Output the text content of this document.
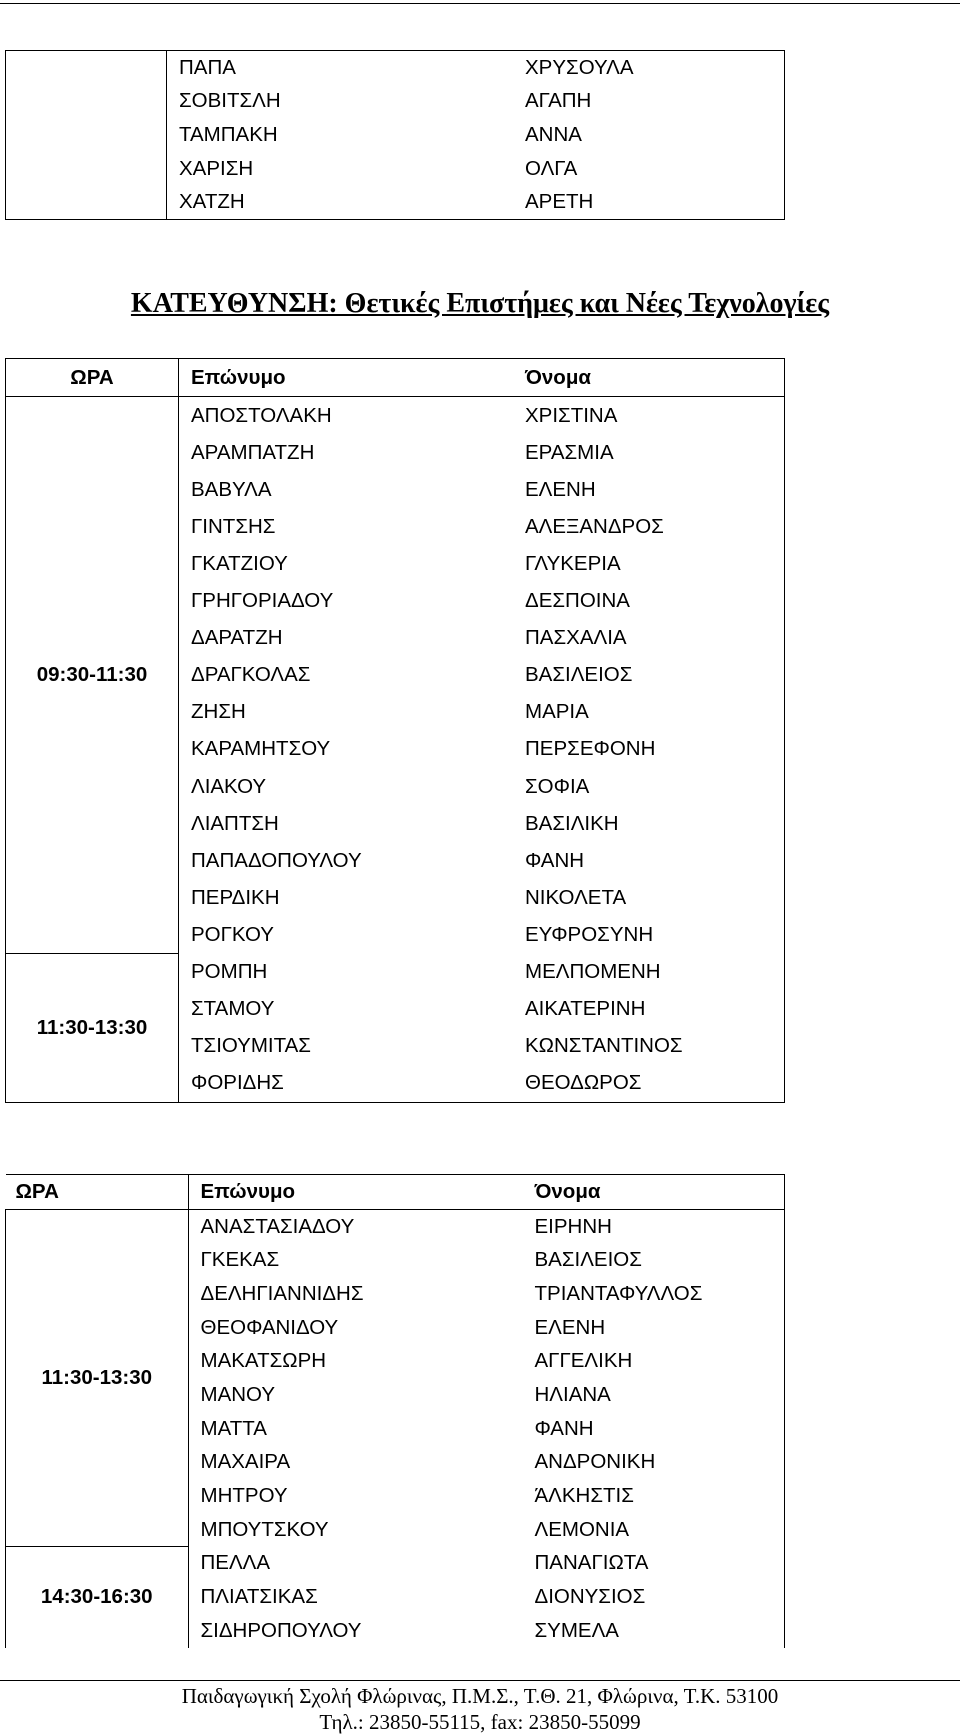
	ΠΑΠΑ	ΧΡΥΣΟΥΛΑ
	ΣΟΒΙΤΣΛΗ	ΑΓΑΠΗ
	ΤΑΜΠΑΚΗ	ΑΝΝΑ
	ΧΑΡΙΣΗ	ΟΛΓΑ
	ΧΑΤΖΗ	ΑΡΕΤΗ
ΚΑΤΕΥΘΥΝΣΗ: Θετικές Επιστήμες και Νέες Τεχνολογίες
ΩΡΑ	Επώνυμο	Όνομα
09:30-11:30	ΑΠΟΣΤΟΛΑΚΗ	ΧΡΙΣΤΙΝΑ
	ΑΡΑΜΠΑΤΖΗ	ΕΡΑΣΜΙΑ
	ΒΑΒΥΛΑ	ΕΛΕΝΗ
	ΓΙΝΤΣΗΣ	ΑΛΕΞΑΝΔΡΟΣ
	ΓΚΑΤΖΙΟΥ	ΓΛΥΚΕΡΙΑ
	ΓΡΗΓΟΡΙΑΔΟΥ	ΔΕΣΠΟΙΝΑ
	ΔΑΡΑΤΖΗ	ΠΑΣΧΑΛΙΑ
	ΔΡΑΓΚΟΛΑΣ	ΒΑΣΙΛΕΙΟΣ
	ΖΗΣΗ	ΜΑΡΙΑ
	ΚΑΡΑΜΗΤΣΟΥ	ΠΕΡΣΕΦΟΝΗ
	ΛΙΑΚΟΥ	ΣΟΦΙΑ
	ΛΙΑΠΤΣΗ	ΒΑΣΙΛΙΚΗ
	ΠΑΠΑΔΟΠΟΥΛΟΥ	ΦΑΝΗ
	ΠΕΡΔΙΚΗ	ΝΙΚΟΛΕΤΑ
	ΡΟΓΚΟΥ	ΕΥΦΡΟΣΥΝΗ
11:30-13:30	ΡΟΜΠΗ	ΜΕΛΠΟΜΕΝΗ
	ΣΤΑΜΟΥ	ΑΙΚΑΤΕΡΙΝΗ
	ΤΣΙΟΥΜΙΤΑΣ	ΚΩΝΣΤΑΝΤΙΝΟΣ
	ΦΟΡΙΔΗΣ	ΘΕΟΔΩΡΟΣ
ΩΡΑ	Επώνυμο	Όνομα
11:30-13:30	ΑΝΑΣΤΑΣΙΑΔΟΥ	ΕΙΡΗΝΗ
	ΓΚΕΚΑΣ	ΒΑΣΙΛΕΙΟΣ
	ΔΕΛΗΓΙΑΝΝΙΔΗΣ	ΤΡΙΑΝΤΑΦΥΛΛΟΣ
	ΘΕΟΦΑΝΙΔΟΥ	ΕΛΕΝΗ
	ΜΑΚΑΤΣΩΡΗ	ΑΓΓΕΛΙΚΗ
	ΜΑΝΟΥ	ΗΛΙΑΝΑ
	ΜΑΤΤΑ	ΦΑΝΗ
	ΜΑΧΑΙΡΑ	ΑΝΔΡΟΝΙΚΗ
	ΜΗΤΡΟΥ	ΆΛΚΗΣΤΙΣ
	ΜΠΟΥΤΣΚΟΥ	ΛΕΜΟΝΙΑ
14:30-16:30	ΠΕΛΛΑ	ΠΑΝΑΓΙΩΤΑ
	ΠΛΙΑΤΣΙΚΑΣ	ΔΙΟΝΥΣΙΟΣ
	ΣΙΔΗΡΟΠΟΥΛΟΥ	ΣΥΜΕΛΑ
Παιδαγωγική Σχολή Φλώρινας, Π.Μ.Σ., Τ.Θ. 21, Φλώρινα, Τ.Κ. 53100
Τηλ.: 23850-55115, fax: 23850-55099
